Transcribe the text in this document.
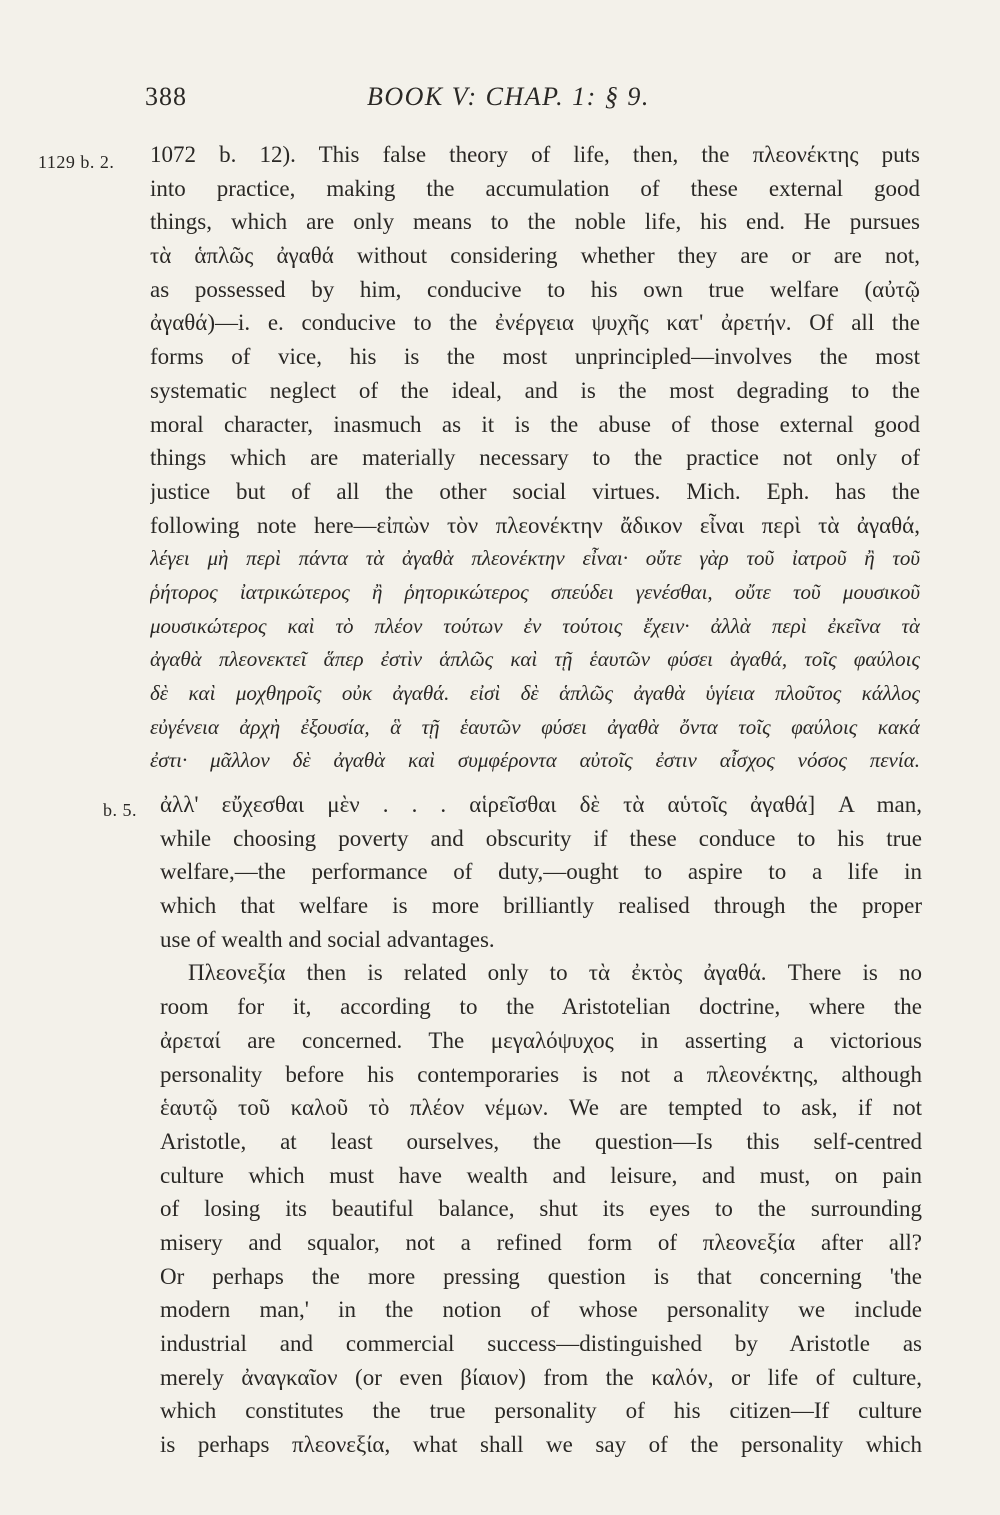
388	BOOK V: CHAP. 1: § 9.
1129 b. 2. 1072 b. 12). This false theory of life, then, the πλεονέκτης puts
into practice, making the accumulation of these external good
things, which are only means to the noble life, his end. He pursues
τὰ ἁπλῶς ἀγαθά without considering whether they are or are not,
as possessed by him, conducive to his own true welfare (αὐτῷ
ἀγαθά)—i. e. conducive to the ἐνέργεια ψυχῆς κατ' ἀρετήν. Of all the
forms of vice, his is the most unprincipled—involves the most
systematic neglect of the ideal, and is the most degrading to the
moral character, inasmuch as it is the abuse of those external good
things which are materially necessary to the practice not only of
justice but of all the other social virtues. Mich. Eph. has the
following note here—εἰπὼν τὸν πλεονέκτην ἄδικον εἶναι περὶ τὰ ἀγαθά,
λέγει μὴ περὶ πάντα τὰ ἀγαθὰ πλεονέκτην εἶναι· οὔτε γὰρ τοῦ ἰατροῦ ἢ τοῦ
ῥήτορος ἰατρικώτερος ἢ ῥητορικώτερος σπεύδει γενέσθαι, οὔτε τοῦ μουσικοῦ
μουσικώτερος καὶ τὸ πλέον τούτων ἐν τούτοις ἔχειν· ἀλλὰ περὶ ἐκεῖνα τὰ
ἀγαθὰ πλεονεκτεῖ ἅπερ ἐστὶν ἁπλῶς καὶ τῇ ἑαυτῶν φύσει ἀγαθά, τοῖς φαύλοις
δὲ καὶ μοχθηροῖς οὐκ ἀγαθά. εἰσὶ δὲ ἁπλῶς ἀγαθὰ ὑγίεια πλοῦτος κάλλος
εὐγένεια ἀρχὴ ἐξουσία, ἃ τῇ ἑαυτῶν φύσει ἀγαθὰ ὄντα τοῖς φαύλοις κακά
ἐστι· μᾶλλον δὲ ἀγαθὰ καὶ συμφέροντα αὐτοῖς ἐστιν αἶσχος νόσος πενία.
b. 5. ἀλλ' εὔχεσθαι μὲν . . . αἱρεῖσθαι δὲ τὰ αὑτοῖς ἀγαθά] A man,
while choosing poverty and obscurity if these conduce to his true
welfare,—the performance of duty,—ought to aspire to a life in
which that welfare is more brilliantly realised through the proper
use of wealth and social advantages.
Πλεονεξία then is related only to τὰ ἐκτὸς ἀγαθά. There is no
room for it, according to the Aristotelian doctrine, where the
ἀρεταί are concerned. The μεγαλόψυχος in asserting a victorious
personality before his contemporaries is not a πλεονέκτης, although
ἑαυτῷ τοῦ καλοῦ τὸ πλέον νέμων. We are tempted to ask, if not
Aristotle, at least ourselves, the question—Is this self-centred
culture which must have wealth and leisure, and must, on pain
of losing its beautiful balance, shut its eyes to the surrounding
misery and squalor, not a refined form of πλεονεξία after all?
Or perhaps the more pressing question is that concerning 'the
modern man,' in the notion of whose personality we include
industrial and commercial success—distinguished by Aristotle as
merely ἀναγκαῖον (or even βίαιον) from the καλόν, or life of culture,
which constitutes the true personality of his citizen—If culture
is perhaps πλεονεξία, what shall we say of the personality which
